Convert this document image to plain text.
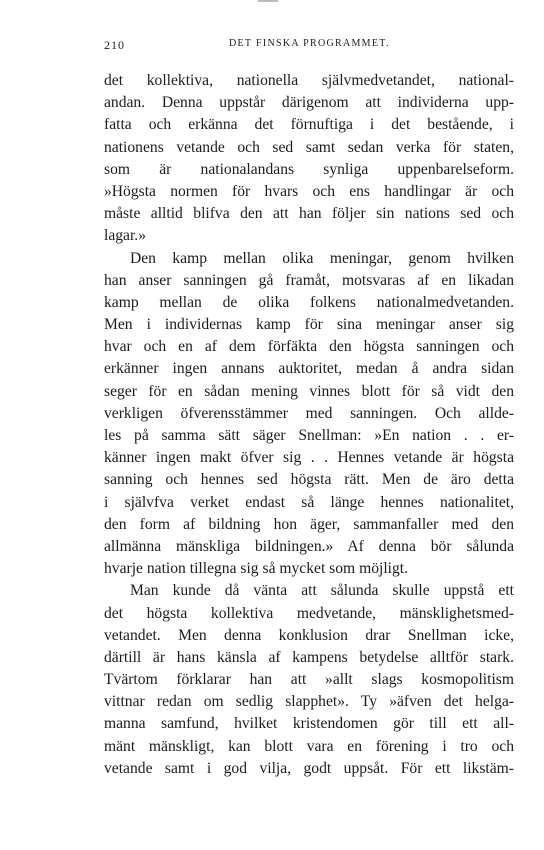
210	DET FINSKA PROGRAMMET.
det kollektiva, nationella självmedvetandet, national-
andan. Denna uppstår därigenom att individerna upp-
fatta och erkänna det förnuftiga i det bestående, i
nationens vetande och sed samt sedan verka för staten,
som är nationalandans synliga uppenbarelseform.
»Högsta normen för hvars och ens handlingar är och
måste alltid blifva den att han följer sin nations sed och
lagar.»
Den kamp mellan olika meningar, genom hvilken
han anser sanningen gå framåt, motsvaras af en likadan
kamp mellan de olika folkens nationalmedvetanden.
Men i individernas kamp för sina meningar anser sig
hvar och en af dem förfäkta den högsta sanningen och
erkänner ingen annans auktoritet, medan å andra sidan
seger för en sådan mening vinnes blott för så vidt den
verkligen öfverensstämmer med sanningen. Och allde-
les på samma sätt säger Snellman: »En nation . . er-
känner ingen makt öfver sig . . Hennes vetande är högsta
sanning och hennes sed högsta rätt. Men de äro detta
i självfva verket endast så länge hennes nationalitet,
den form af bildning hon äger, sammanfaller med den
allmänna mänskliga bildningen.» Af denna bör sålunda
hvarje nation tillegna sig så mycket som möjligt.
Man kunde då vänta att sålunda skulle uppstå ett
det högsta kollektiva medvetande, mänsklighetsmed-
vetandet. Men denna konklusion drar Snellman icke,
därtill är hans känsla af kampens betydelse alltför stark.
Tvärtom förklarar han att »allt slags kosmopolitism
vittnar redan om sedlig slapphet». Ty »äfven det helga-
manna samfund, hvilket kristendomen gör till ett all-
mänt mänskligt, kan blott vara en förening i tro och
vetande samt i god vilja, godt uppsåt. För ett likstäm-
